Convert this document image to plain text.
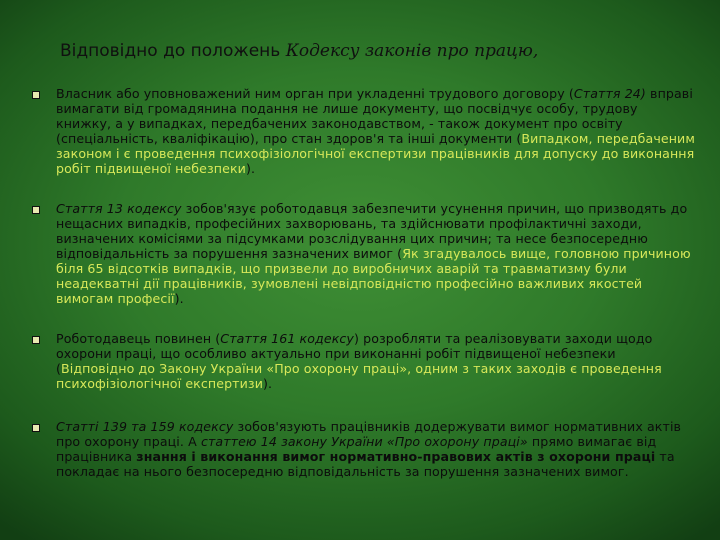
Відповідно до положень Кодексу законів про працю,
Власник або уповноважений ним орган при укладенні трудового договору (Стаття 24) вправі вимагати від громадянина подання не лише документу, що посвідчує особу, трудову книжку, а у випадках, передбачених законодавством, - також документ про освіту (спеціальність, кваліфікацію), про стан здоров'я та інші документи (Випадком, передбаченим законом і є проведення психофізіологічної експертизи працівників для допуску до виконання робіт підвищеної небезпеки).
Стаття 13 кодексу зобов'язує роботодавця забезпечити усунення причин, що призводять до нещасних випадків, професійних захворювань, та здійснювати профілактичні заходи, визначених комісіями за підсумками розслідування цих причин; та несе безпосередню відповідальність за порушення зазначених вимог (Як згадувалось вище, головною причиною біля 65 відсотків випадків, що призвели до виробничих аварій та травматизму були неадекватні дії працівників, зумовлені невідповідністю професійно важливих якостей вимогам професії).
Роботодавець повинен (Стаття 161 кодексу) розробляти та реалізовувати заходи щодо охорони праці, що особливо актуально при виконанні робіт підвищеної небезпеки (Відповідно до Закону України «Про охорону праці», одним з таких заходів є проведення психофізіологічної експертизи).
Статті 139 та 159 кодексу зобов'язують працівників додержувати вимог нормативних актів про охорону праці. А статтею 14 закону України «Про охорону праці» прямо вимагає від працівника знання і виконання вимог нормативно-правових актів з охорони праці та покладає на нього безпосередню відповідальність за порушення зазначених вимог.
